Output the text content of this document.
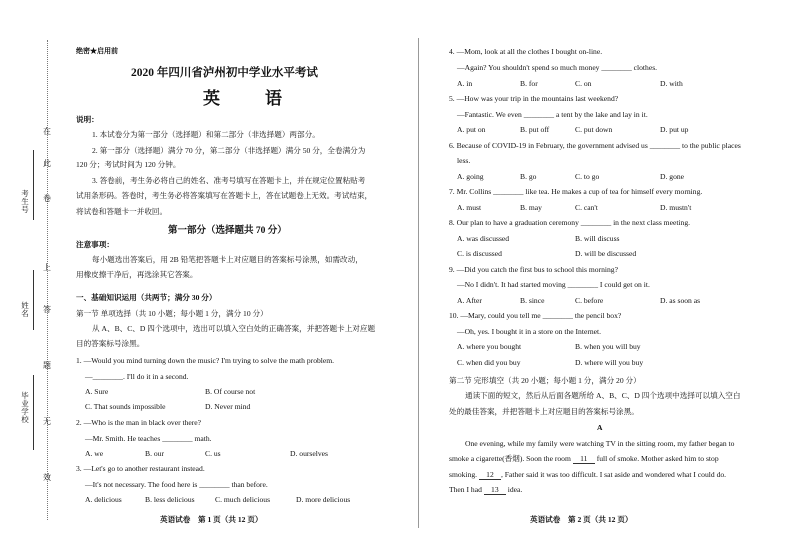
在
此
卷
上
答
题
无
效
考生号
姓名
毕业学校
绝密★启用前
2020 年四川省泸州初中学业水平考试
英　语
说明：
1. 本试卷分为第一部分（选择题）和第二部分（非选择题）两部分。
2. 第一部分（选择题）满分 70 分，第二部分（非选择题）满分 50 分，全卷满分为
120 分；考试时间为 120 分钟。
3. 答卷前，考生务必将自己的姓名、准考号填写在答题卡上，并在规定位置粘贴考
试用条形码。答卷时，考生务必将答案填写在答题卡上，答在试题卷上无效。考试结束，
将试卷和答题卡一并收回。
第一部分（选择题共 70 分）
注意事项：
每小题选出答案后，用 2B 铅笔把答题卡上对应题目的答案标号涂黑，如需改动，
用橡皮擦干净后，再选涂其它答案。
一、基础知识运用（共两节；满分 30 分）
第一节 单项选择（共 10 小题；每小题 1 分，满分 10 分）
从 A、B、C、D 四个选项中，选出可以填入空白处的正确答案，并把答题卡上对应题
目的答案标号涂黑。
1. —Would you mind turning down the music? I'm trying to solve the math problem.
—________. I'll do it in a second.
A. Sure	B. Of course not
C. That sounds impossible	D. Never mind
2. —Who is the man in black over there?
—Mr. Smith. He teaches ________ math.
A. we	B. our	C. us	D. ourselves
3. —Let's go to another restaurant instead.
—It's not necessary. The food here is ________ than before.
A. delicious	B. less delicious	C. much delicious	D. more delicious
英语试卷　第 1 页（共 12 页）
4. —Mom, look at all the clothes I bought on-line.
—Again? You shouldn't spend so much money ________ clothes.
A. in	B. for	C. on	D. with
5. —How was your trip in the mountains last weekend?
—Fantastic. We even ________ a tent by the lake and lay in it.
A. put on	B. put off	C. put down	D. put up
6. Because of COVID-19 in February, the government advised us ________ to the public places
less.
A. going	B. go	C. to go	D. gone
7. Mr. Collins ________ like tea. He makes a cup of tea for himself every morning.
A. must	B. may	C. can't	D. mustn't
8. Our plan to have a graduation ceremony ________ in the next class meeting.
A. was discussed	B. will discuss
C. is discussed	D. will be discussed
9. —Did you catch the first bus to school this morning?
—No I didn't. It had started moving ________ I could get on it.
A. After	B. since	C. before	D. as soon as
10. —Mary, could you tell me ________ the pencil box?
—Oh, yes. I bought it in a store on the Internet.
A. where you bought	B. when you will buy
C. when did you buy	D. where will you buy
第二节 完形填空（共 20 小题；每小题 1 分，满分 20 分）
通读下面的短文，然后从后面各题所给 A、B、C、D 四个选项中选择可以填入空白
处的最佳答案，并把答题卡上对应题目的答案标号涂黑。
A
One evening, while my family were watching TV in the sitting room, my father began to
smoke a cigarette(香烟). Soon the room 11 full of smoke. Mother asked him to stop
smoking. 12 , Father said it was too difficult. I sat aside and wondered what I could do.
Then I had 13 idea.
英语试卷　第 2 页（共 12 页）
